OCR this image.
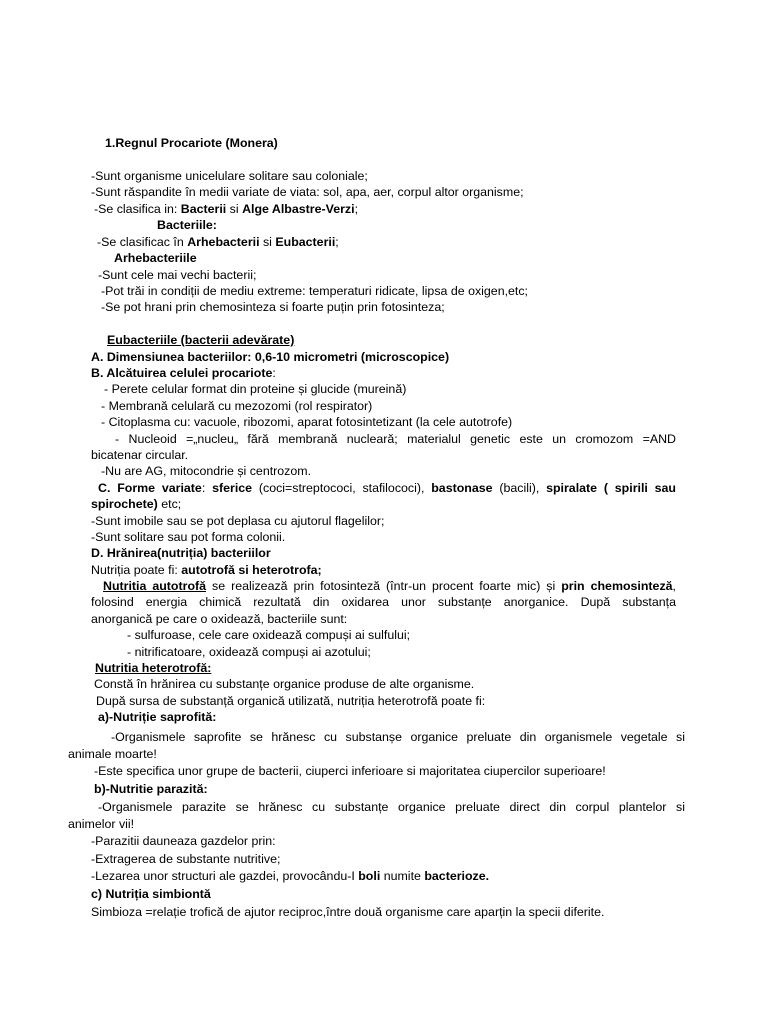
1.Regnul Procariote (Monera)
-Sunt organisme unicelulare solitare sau coloniale;
-Sunt răspandite în medii variate de viata: sol, apa, aer, corpul altor organisme;
-Se clasifica in: Bacterii si Alge Albastre-Verzi;
Bacteriile:
-Se clasificac în Arhebacterii si Eubacterii;
Arhebacteriile
-Sunt cele mai vechi bacterii;
-Pot trăi in condiții de mediu extreme: temperaturi ridicate, lipsa de oxigen,etc;
-Se pot hrani prin chemosinteza si foarte puțin prin fotosinteza;
Eubacteriile (bacterii adevărate)
A. Dimensiunea bacteriilor: 0,6-10 micrometri (microscopice)
B. Alcătuirea celulei procariote:
- Perete celular format din proteine și glucide (mureină)
- Membrană celulară cu mezozomi (rol respirator)
- Citoplasma cu: vacuole, ribozomi, aparat fotosintetizant (la cele autotrofe)
- Nucleoid =„nucleu„ fără membrană nucleară; materialul genetic este un cromozom =AND
bicatenar circular.
-Nu are AG, mitocondrie și centrozom.
C. Forme variate: sferice (coci=streptococi, stafilococi), bastonase (bacili), spiralate ( spirili sau
spirochete) etc;
-Sunt imobile sau se pot deplasa cu ajutorul flagelilor;
-Sunt solitare sau pot forma colonii.
D. Hrănirea(nutriția) bacteriilor
Nutriția poate fi: autotrofă si heterotrofa;
Nutritia autotrofă se realizează prin fotosinteză (într-un procent foarte mic) și prin chemosinteză,
folosind energia chimică rezultată din oxidarea unor substanțe anorganice. După substanța
anorganică pe care o oxidează, bacteriile sunt:
- sulfuroase, cele care oxidează compuși ai sulfului;
- nitrificatoare, oxidează compuși ai azotului;
Nutritia heterotrofă:
Constă în hrănirea cu substanțe organice produse de alte organisme.
După sursa de substanță organică utilizată, nutriția heterotrofă poate fi:
a)-Nutriție saprofită:
-Organismele saprofite se hrănesc cu substanșe organice preluate din organismele vegetale si
animale moarte!
-Este specifica unor grupe de bacterii, ciuperci inferioare si majoritatea ciupercilor superioare!
b)-Nutritie parazită:
-Organismele parazite se hrănesc cu substanțe organice preluate direct din corpul plantelor si
animelor vii!
-Parazitii dauneaza gazdelor prin:
-Extragerea de substante nutritive;
-Lezarea unor structuri ale gazdei, provocându-I boli numite bacterioze.
c) Nutriția simbiontă
Simbioza =relație trofică de ajutor reciproc,între două organisme care aparțin la specii diferite.
